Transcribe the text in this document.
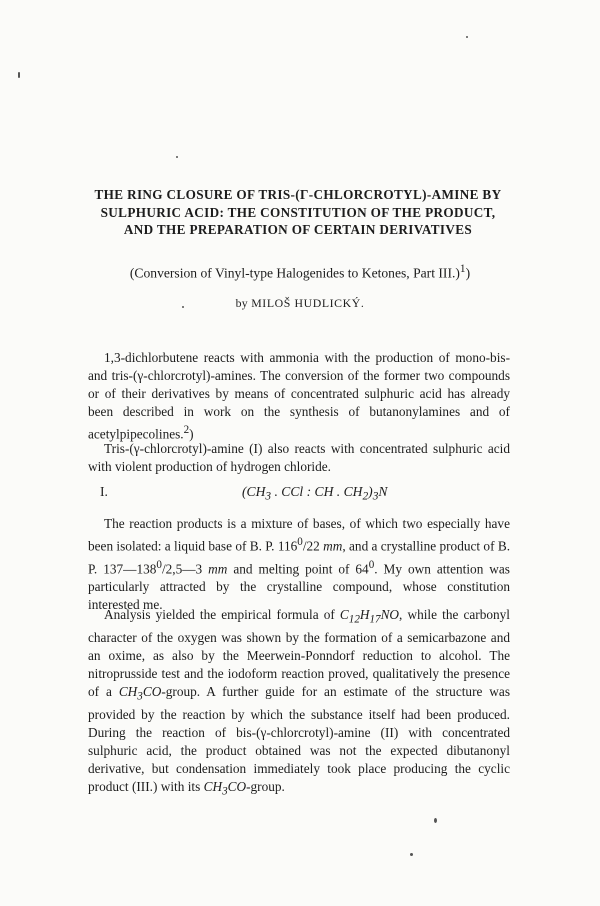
THE RING CLOSURE OF TRIS-(Γ-CHLORCROTYL)-AMINE BY
SULPHURIC ACID: THE CONSTITUTION OF THE PRODUCT,
AND THE PREPARATION OF CERTAIN DERIVATIVES
(Conversion of Vinyl-type Halogenides to Ketones, Part III.)$^1$)
by MILOŠ HUDLICKÝ.
1,3-dichlorbutene reacts with ammonia with the production of mono-bis- and tris-(γ-chlorcrotyl)-amines. The conversion of the former two compounds or of their derivatives by means of concentrated sulphuric acid has already been described in work on the synthesis of butanonylamines and of acetylpipecolines.$^2$)
Tris-(γ-chlorcrotyl)-amine (I) also reacts with concentrated sulphuric acid with violent production of hydrogen chloride.
I.	($CH_3$ . CCl : CH . $CH_2)_3N$
The reaction products is a mixture of bases, of which two especially have been isolated: a liquid base of B. P. $116^0/22$ mm, and a crystalline product of B. P. $137—138^0/2,5—3$ mm and melting point of $64^0$. My own attention was particularly attracted by the crystalline compound, whose constitution interested me.
Analysis yielded the empirical formula of $C_{12}H_{17}NO$, while the carbonyl character of the oxygen was shown by the formation of a semicarbazone and an oxime, as also by the Meerwein-Ponndorf reduction to alcohol. The nitroprusside test and the iodoform reaction proved, qualitatively the presence of a $CH_3CO$-group. A further guide for an estimate of the structure was provided by the reaction by which the substance itself had been produced. During the reaction of bis-(γ-chlorcrotyl)-amine (II) with concentrated sulphuric acid, the product obtained was not the expected dibutanonyl derivative, but condensation immediately took place producing the cyclic product (III.) with its $CH_3CO$-group.
